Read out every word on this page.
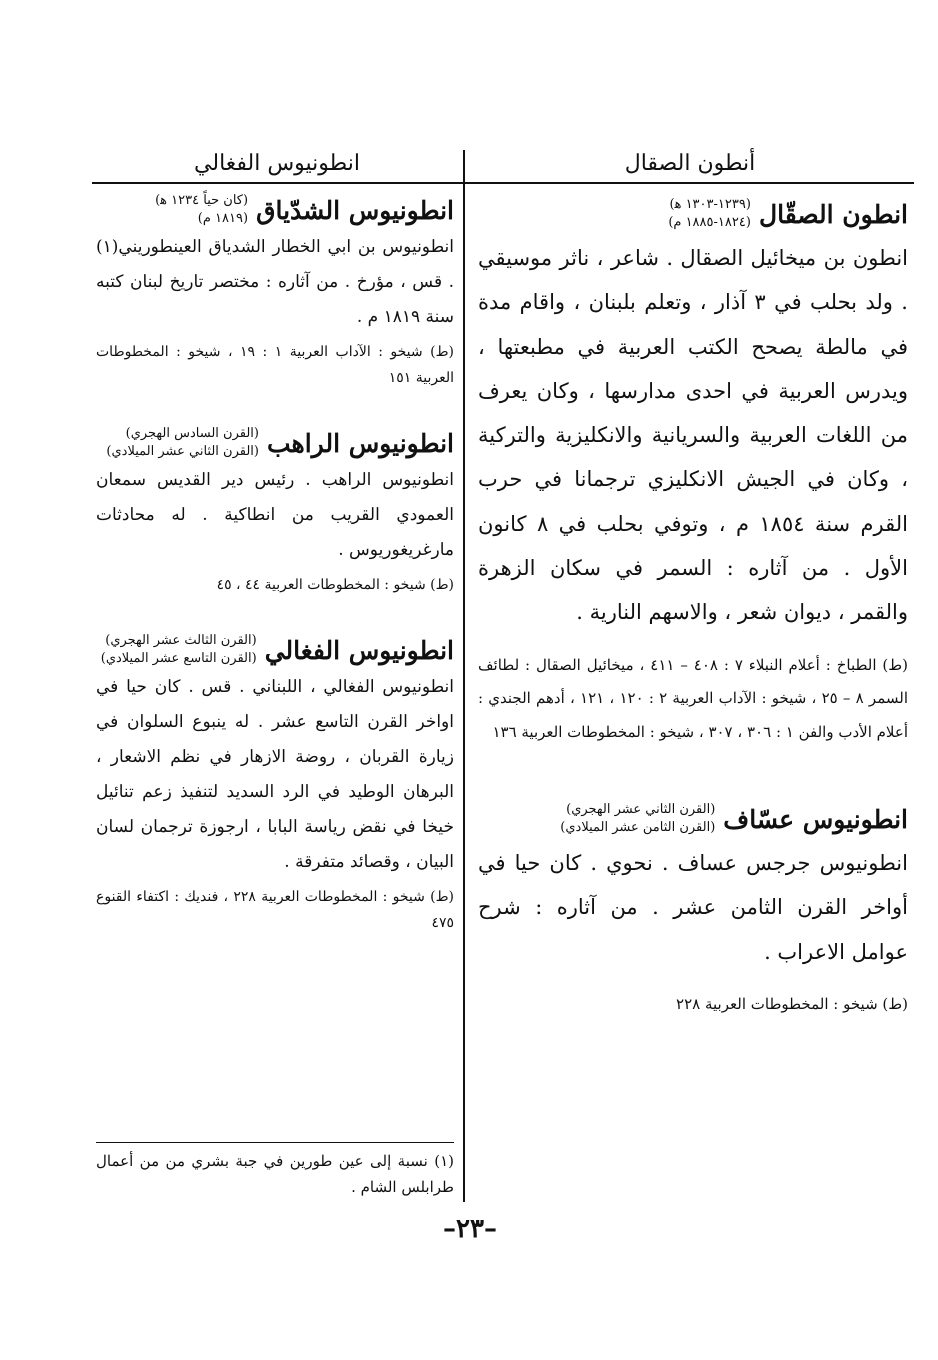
أنطون الصقال
انطونيوس الفغالي
انطون الصقّال
(١٢٣٩-١٣٠٣ ﻫ)
(١٨٢٤-١٨٨٥ م)
انطون بن ميخائيل الصقال . شاعر ، ناثر موسيقي . ولد بحلب في ٣ آذار ، وتعلم بلبنان ، واقام مدة في مالطة يصحح الكتب العربية في مطبعتها ، ويدرس العربية في احدى مدارسها ، وكان يعرف من اللغات العربية والسريانية والانكليزية والتركية ، وكان في الجيش الانكليزي ترجمانا في حرب القرم سنة ١٨٥٤ م ، وتوفي بحلب في ٨ كانون الأول . من آثاره : السمر في سكان الزهرة والقمر ، ديوان شعر ، والاسهم النارية .
(ط) الطباخ : أعلام النبلاء ٧ : ٤٠٨ – ٤١١ ، ميخائيل الصقال : لطائف السمر ٨ – ٢٥ ، شيخو : الآداب العربية ٢ : ١٢٠ ، ١٢١ ، أدهم الجندي : أعلام الأدب والفن ١ : ٣٠٦ ، ٣٠٧ ، شيخو : المخطوطات العربية ١٣٦
انطونيوس عسّاف
(القرن الثاني عشر الهجري)
(القرن الثامن عشر الميلادي)
انطونيوس جرجس عساف . نحوي . كان حيا في أواخر القرن الثامن عشر . من آثاره : شرح عوامل الاعراب .
(ط) شيخو : المخطوطات العربية ٢٢٨
انطونيوس الشدّياق
(كان حياً ١٢٣٤ ﻫ)
(١٨١٩ م)
انطونيوس بن ابي الخطار الشدياق العينطوريني(١) . قس ، مؤرخ . من آثاره : مختصر تاريخ لبنان كتبه سنة ١٨١٩ م .
(ط) شيخو : الآداب العربية ١ : ١٩ ، شيخو : المخطوطات العربية ١٥١
انطونيوس الراهب
(القرن السادس الهجري)
(القرن الثاني عشر الميلادي)
انطونيوس الراهب . رئيس دير القديس سمعان العمودي القريب من انطاكية . له محادثات مارغريغوريوس .
(ط) شيخو : المخطوطات العربية ٤٤ ، ٤٥
انطونيوس الفغالي
(القرن الثالث عشر الهجري)
(القرن التاسع عشر الميلادي)
انطونيوس الفغالي ، اللبناني . قس . كان حيا في اواخر القرن التاسع عشر . له ينبوع السلوان في زيارة القربان ، روضة الازهار في نظم الاشعار ، البرهان الوطيد في الرد السديد لتنفيذ زعم تنائيل خيخا في نقض رياسة البابا ، ارجوزة ترجمان لسان البيان ، وقصائد متفرقة .
(ط) شيخو : المخطوطات العربية ٢٢٨ ، فنديك : اكتفاء القنوع ٤٧٥
(١) نسبة إلى عين طورين في جبة بشري من من أعمال طرابلس الشام .
–٢٣–
